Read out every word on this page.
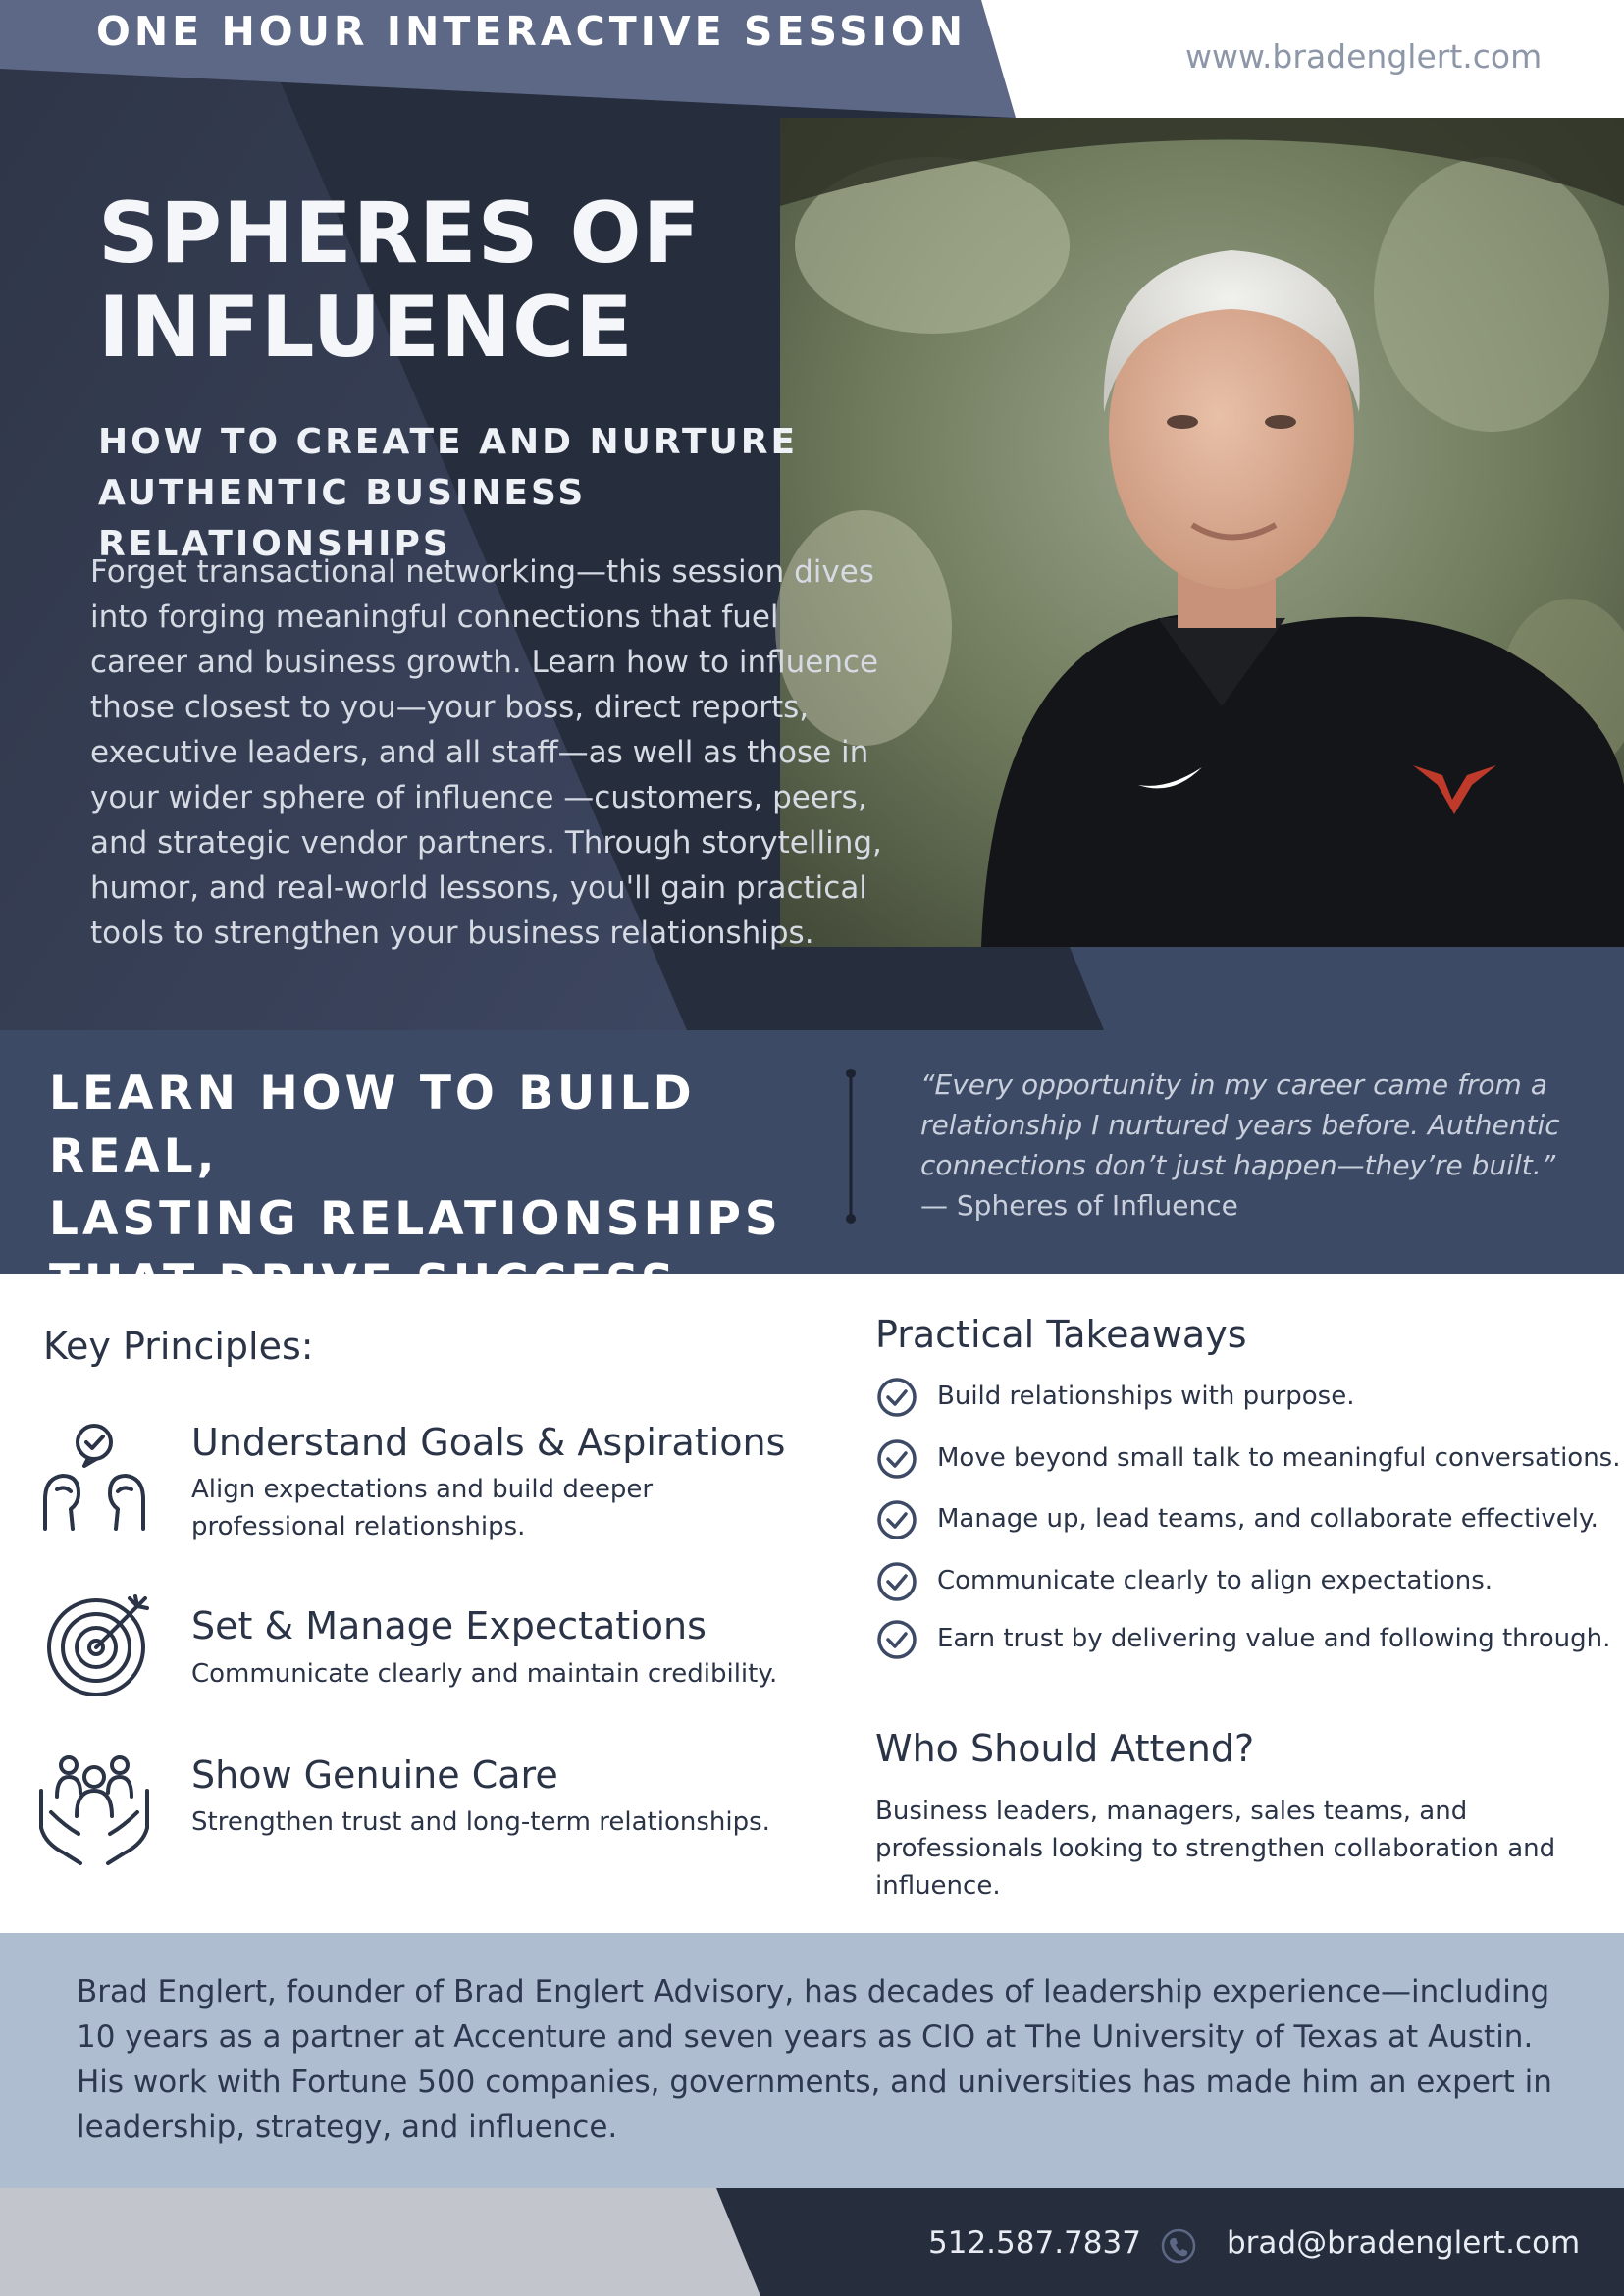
ONE HOUR INTERACTIVE SESSION
www.bradenglert.com
SPHERES OF
INFLUENCE
HOW TO CREATE AND NURTURE
AUTHENTIC BUSINESS RELATIONSHIPS
Forget transactional networking—this session dives into forging meaningful connections that fuel career and business growth. Learn how to influence those closest to you—your boss, direct reports, executive leaders, and all staff—as well as those in your wider sphere of influence —customers, peers, and strategic vendor partners. Through storytelling, humor, and real-world lessons, you'll gain practical tools to strengthen your business relationships.
LEARN HOW TO BUILD REAL,
LASTING RELATIONSHIPS
THAT DRIVE SUCCESS
“Every opportunity in my career came from a relationship I nurtured years before. Authentic connections don’t just happen—they’re built.”
— Spheres of Influence
Key Principles:
Understand Goals & Aspirations
Align expectations and build deeper professional relationships.
Set & Manage Expectations
Communicate clearly and maintain credibility.
Show Genuine Care
Strengthen trust and long-term relationships.
Practical Takeaways
Build relationships with purpose.
Move beyond small talk to meaningful conversations.
Manage up, lead teams, and collaborate effectively.
Communicate clearly to align expectations.
Earn trust by delivering value and following through.
Who Should Attend?
Business leaders, managers, sales teams, and professionals looking to strengthen collaboration and influence.
Brad Englert, founder of Brad Englert Advisory, has decades of leadership experience—including 10 years as a partner at Accenture and seven years as CIO at The University of Texas at Austin. His work with Fortune 500 companies, governments, and universities has made him an expert in leadership, strategy, and influence.
512.587.7837	brad@bradenglert.com
